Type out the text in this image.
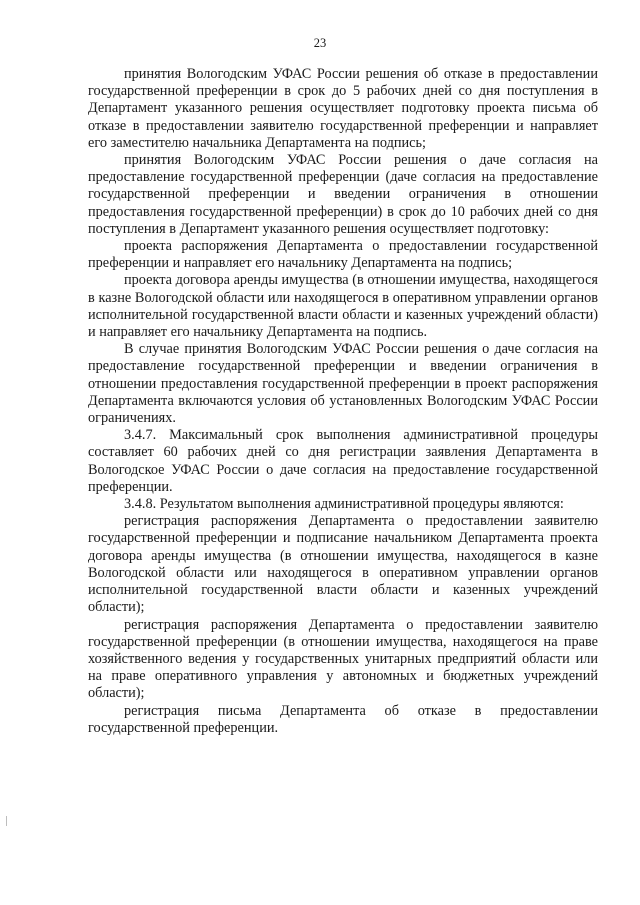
23

принятия Вологодским УФАС России решения об отказе в предоставлении государственной преференции в срок до 5 рабочих дней со дня поступления в Департамент указанного решения осуществляет подготовку проекта письма об отказе в предоставлении заявителю государственной преференции и направляет его заместителю начальника Департамента на подпись;

принятия Вологодским УФАС России решения о даче согласия на предоставление государственной преференции (даче согласия на предоставление государственной преференции и введении ограничения в отношении предоставления государственной преференции) в срок до 10 рабочих дней со дня поступления в Департамент указанного решения осуществляет подготовку:

проекта распоряжения Департамента о предоставлении государственной преференции и направляет его начальнику Департамента на подпись;

проекта договора аренды имущества (в отношении имущества, находящегося в казне Вологодской области или находящегося в оперативном управлении органов исполнительной государственной власти области и казенных учреждений области) и направляет его начальнику Департамента на подпись.

В случае принятия Вологодским УФАС России решения о даче согласия на предоставление государственной преференции и введении ограничения в отношении предоставления государственной преференции в проект распоряжения Департамента включаются условия об установленных Вологодским УФАС России ограничениях.

3.4.7. Максимальный срок выполнения административной процедуры составляет 60 рабочих дней со дня регистрации заявления Департамента в Вологодское УФАС России о даче согласия на предоставление государственной преференции.

3.4.8. Результатом выполнения административной процедуры являются:

регистрация распоряжения Департамента о предоставлении заявителю государственной преференции и подписание начальником Департамента проекта договора аренды имущества (в отношении имущества, находящегося в казне Вологодской области или находящегося в оперативном управлении органов исполнительной государственной власти области и казенных учреждений области);

регистрация распоряжения Департамента о предоставлении заявителю государственной преференции (в отношении имущества, находящегося на праве хозяйственного ведения у государственных унитарных предприятий области или на праве оперативного управления у автономных и бюджетных учреждений области);

регистрация письма Департамента об отказе в предоставлении государственной преференции.
